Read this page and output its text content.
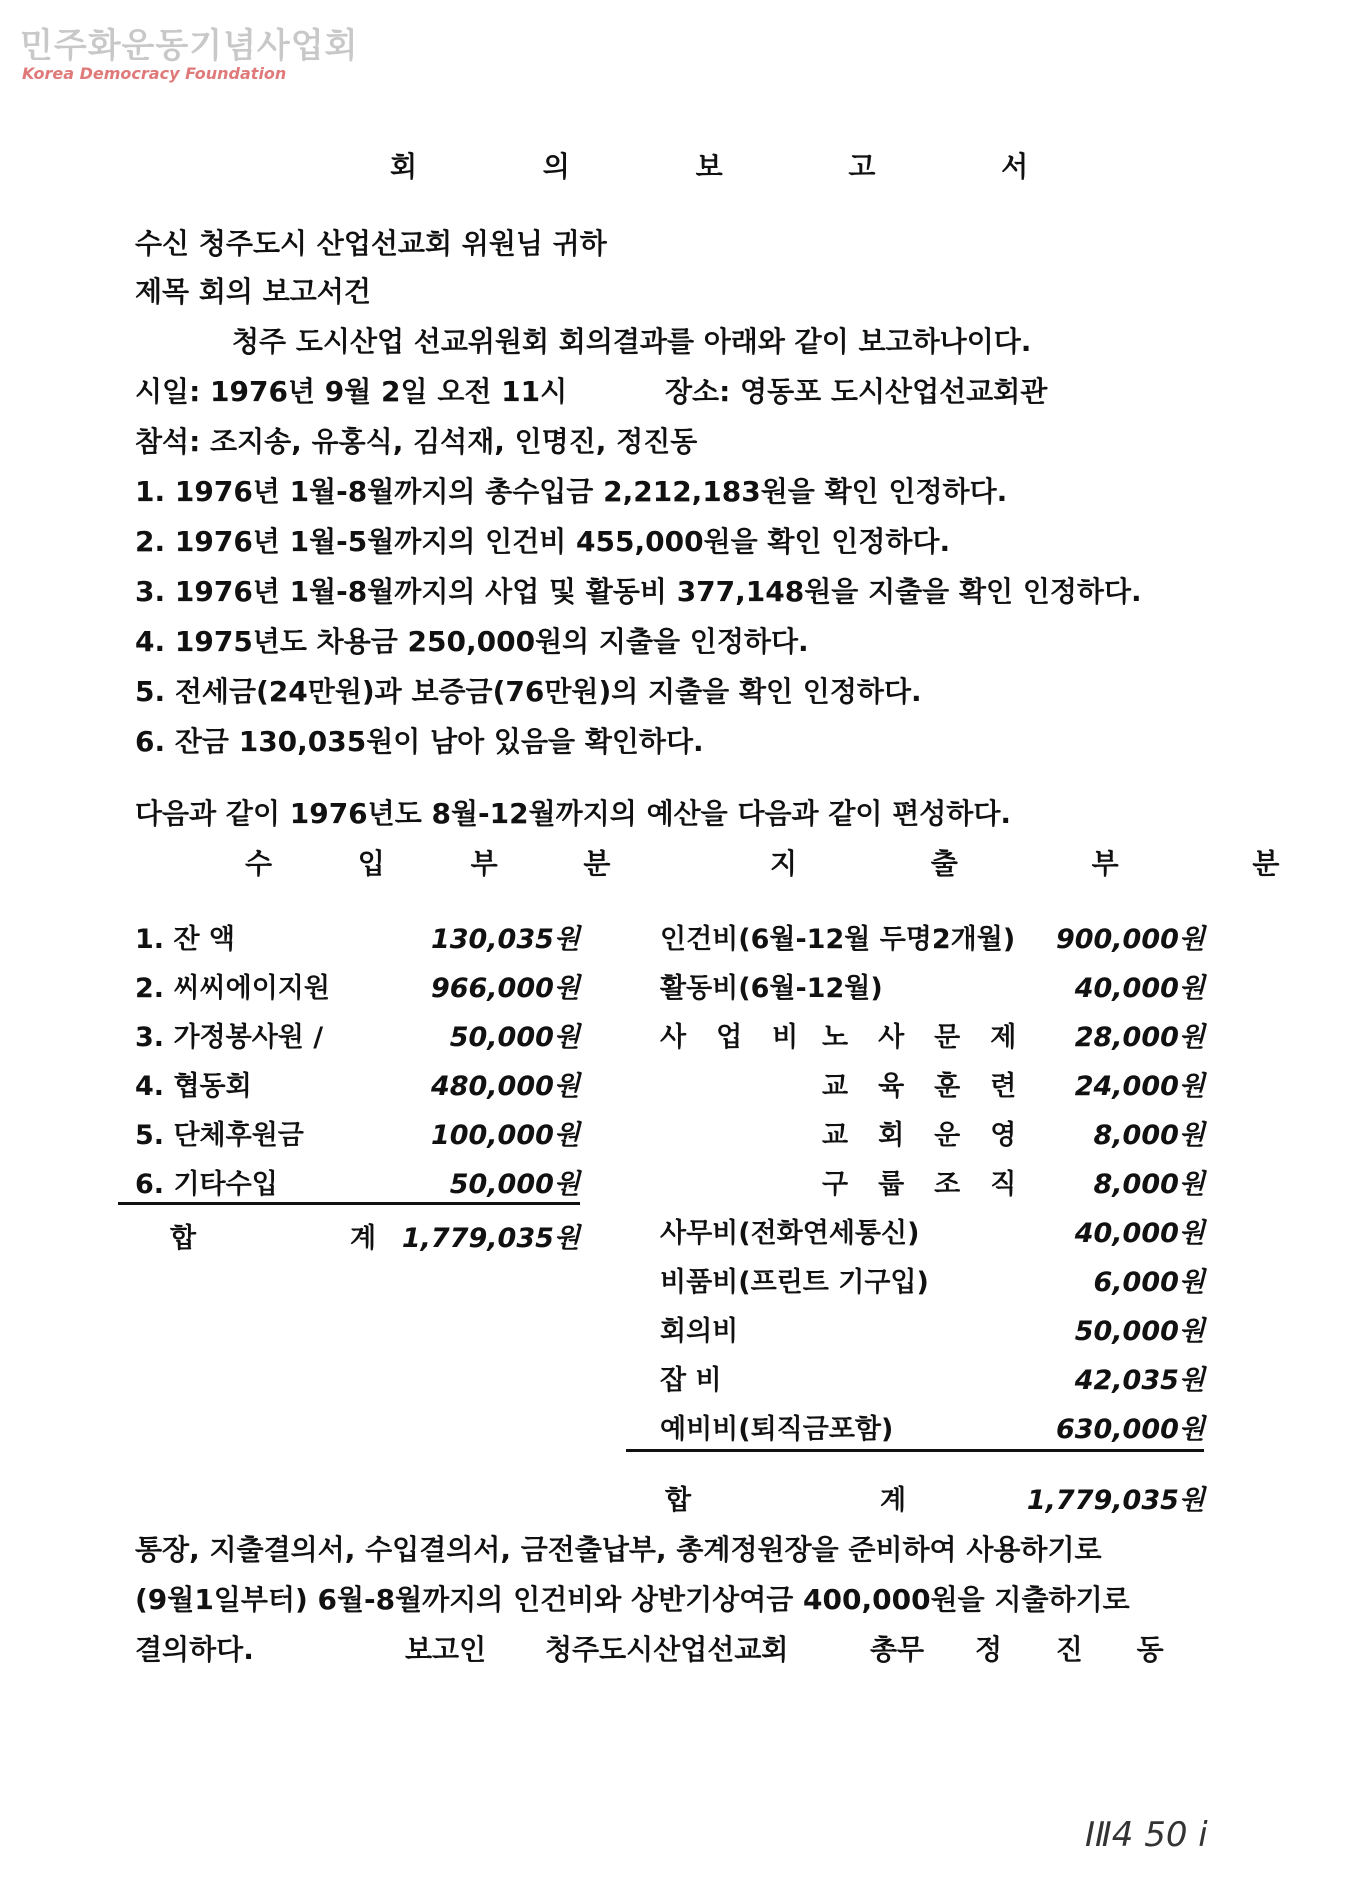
민주화운동기념사업회
Korea Democracy Foundation
회 의 보 고 서
수신 청주도시 산업선교회 위원님 귀하
제목 회의 보고서건
청주 도시산업 선교위원회 회의결과를 아래와 같이 보고하나이다.
시일: 1976년 9월 2일 오전 11시	장소: 영동포 도시산업선교회관
참석: 조지송, 유홍식, 김석재, 인명진, 정진동
1. 1976년 1월-8월까지의 총수입금 2,212,183원을 확인 인정하다.
2. 1976년 1월-5월까지의 인건비 455,000원을 확인 인정하다.
3. 1976년 1월-8월까지의 사업 및 활동비 377,148원을 지출을 확인 인정하다.
4. 1975년도 차용금 250,000원의 지출을 인정하다.
5. 전세금(24만원)과 보증금(76만원)의 지출을 확인 인정하다.
6. 잔금 130,035원이 남아 있음을 확인하다.
다음과 같이 1976년도 8월-12월까지의 예산을 다음과 같이 편성하다.
수 입 부 분	지 출 부 분
1. 잔 액	130,035원
2. 씨씨에이지원	966,000원
3. 가정봉사원 /	50,000원
4. 협동회	480,000원
5. 단체후원금	100,000원
6. 기타수입	50,000원
합	계 1,779,035원
인건비(6월-12월 두명2개월) 900,000원
활동비(6월-12월)	40,000원
사업비
노사문제 28,000원
교육훈련 24,000원
교회운영 8,000원
구룹조직 8,000원
사무비(전화연세통신)	40,000원
비품비(프린트 기구입)	6,000원
회의비	50,000원
잡 비	42,035원
예비비(퇴직금포함)	630,000원
합	계	1,779,035원
통장, 지출결의서, 수입결의서, 금전출납부, 총계정원장을 준비하여 사용하기로
(9월1일부터) 6월-8월까지의 인건비와 상반기상여금 400,000원을 지출하기로
결의하다.	보고인 청주도시산업선교회	총무 정 진 동
ⅠⅡ4 50 ⅰ
